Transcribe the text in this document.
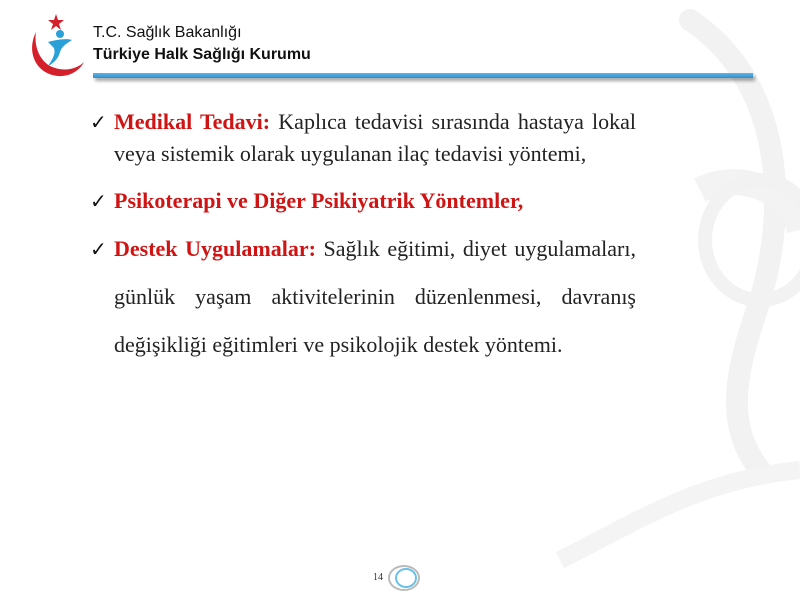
T.C. Sağlık Bakanlığı
Türkiye Halk Sağlığı Kurumu
✓ Medikal Tedavi: Kaplıca tedavisi sırasında hastaya lokal veya sistemik olarak uygulanan ilaç tedavisi yöntemi,
✓ Psikoterapi ve Diğer Psikiyatrik Yöntemler,
✓ Destek Uygulamalar: Sağlık eğitimi, diyet uygulamaları, günlük yaşam aktivitelerinin düzenlenmesi, davranış değişikliği eğitimleri ve psikolojik destek yöntemi.
14
